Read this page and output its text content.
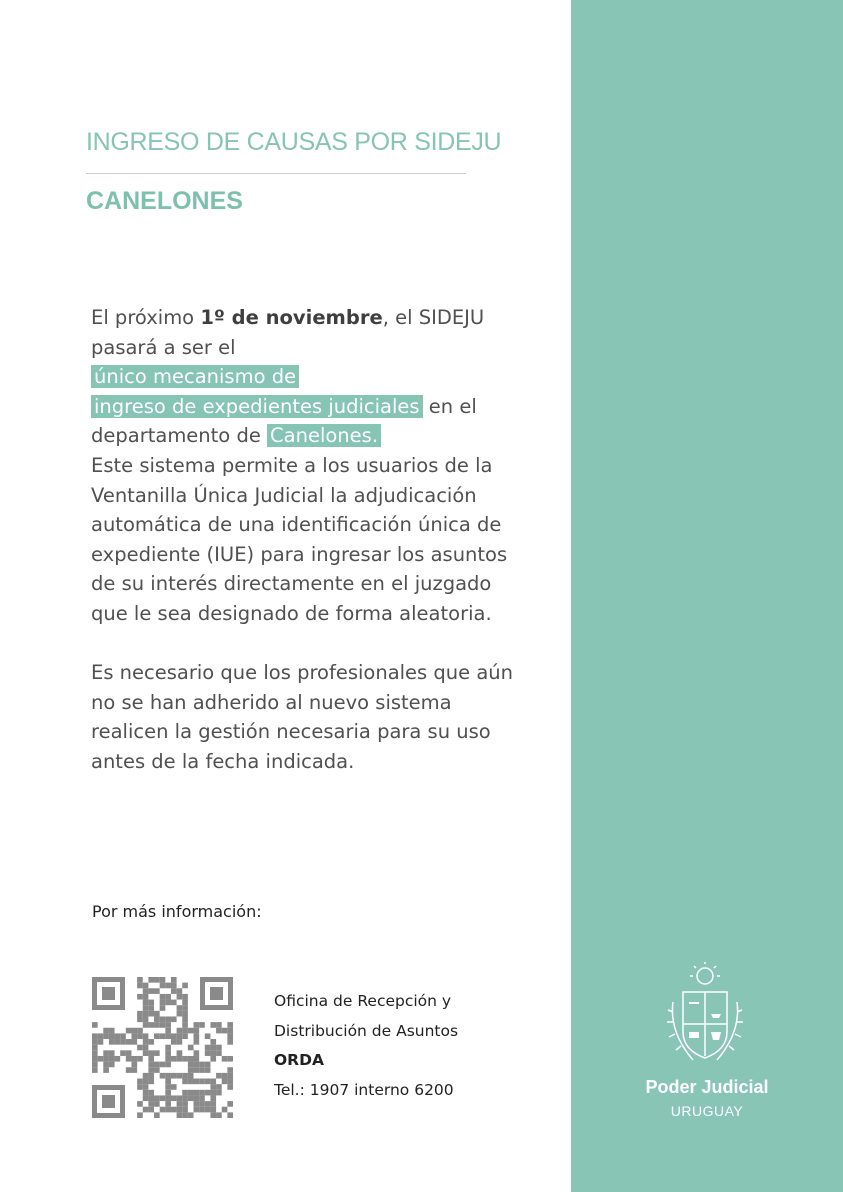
INGRESO DE CAUSAS POR SIDEJU
CANELONES
El próximo 1º de noviembre, el SIDEJU pasará a ser el
único mecanismo de
ingreso de expedientes judiciales en el departamento de Canelones.
Este sistema permite a los usuarios de la Ventanilla Única Judicial la adjudicación automática de una identificación única de expediente (IUE) para ingresar los asuntos de su interés directamente en el juzgado que le sea designado de forma aleatoria.
Es necesario que los profesionales que aún no se han adherido al nuevo sistema realicen la gestión necesaria para su uso antes de la fecha indicada.
Por más información:
Oficina de Recepción y
Distribución de Asuntos
ORDA
Tel.: 1907 interno 6200	Poder Judicial
URUGUAY
